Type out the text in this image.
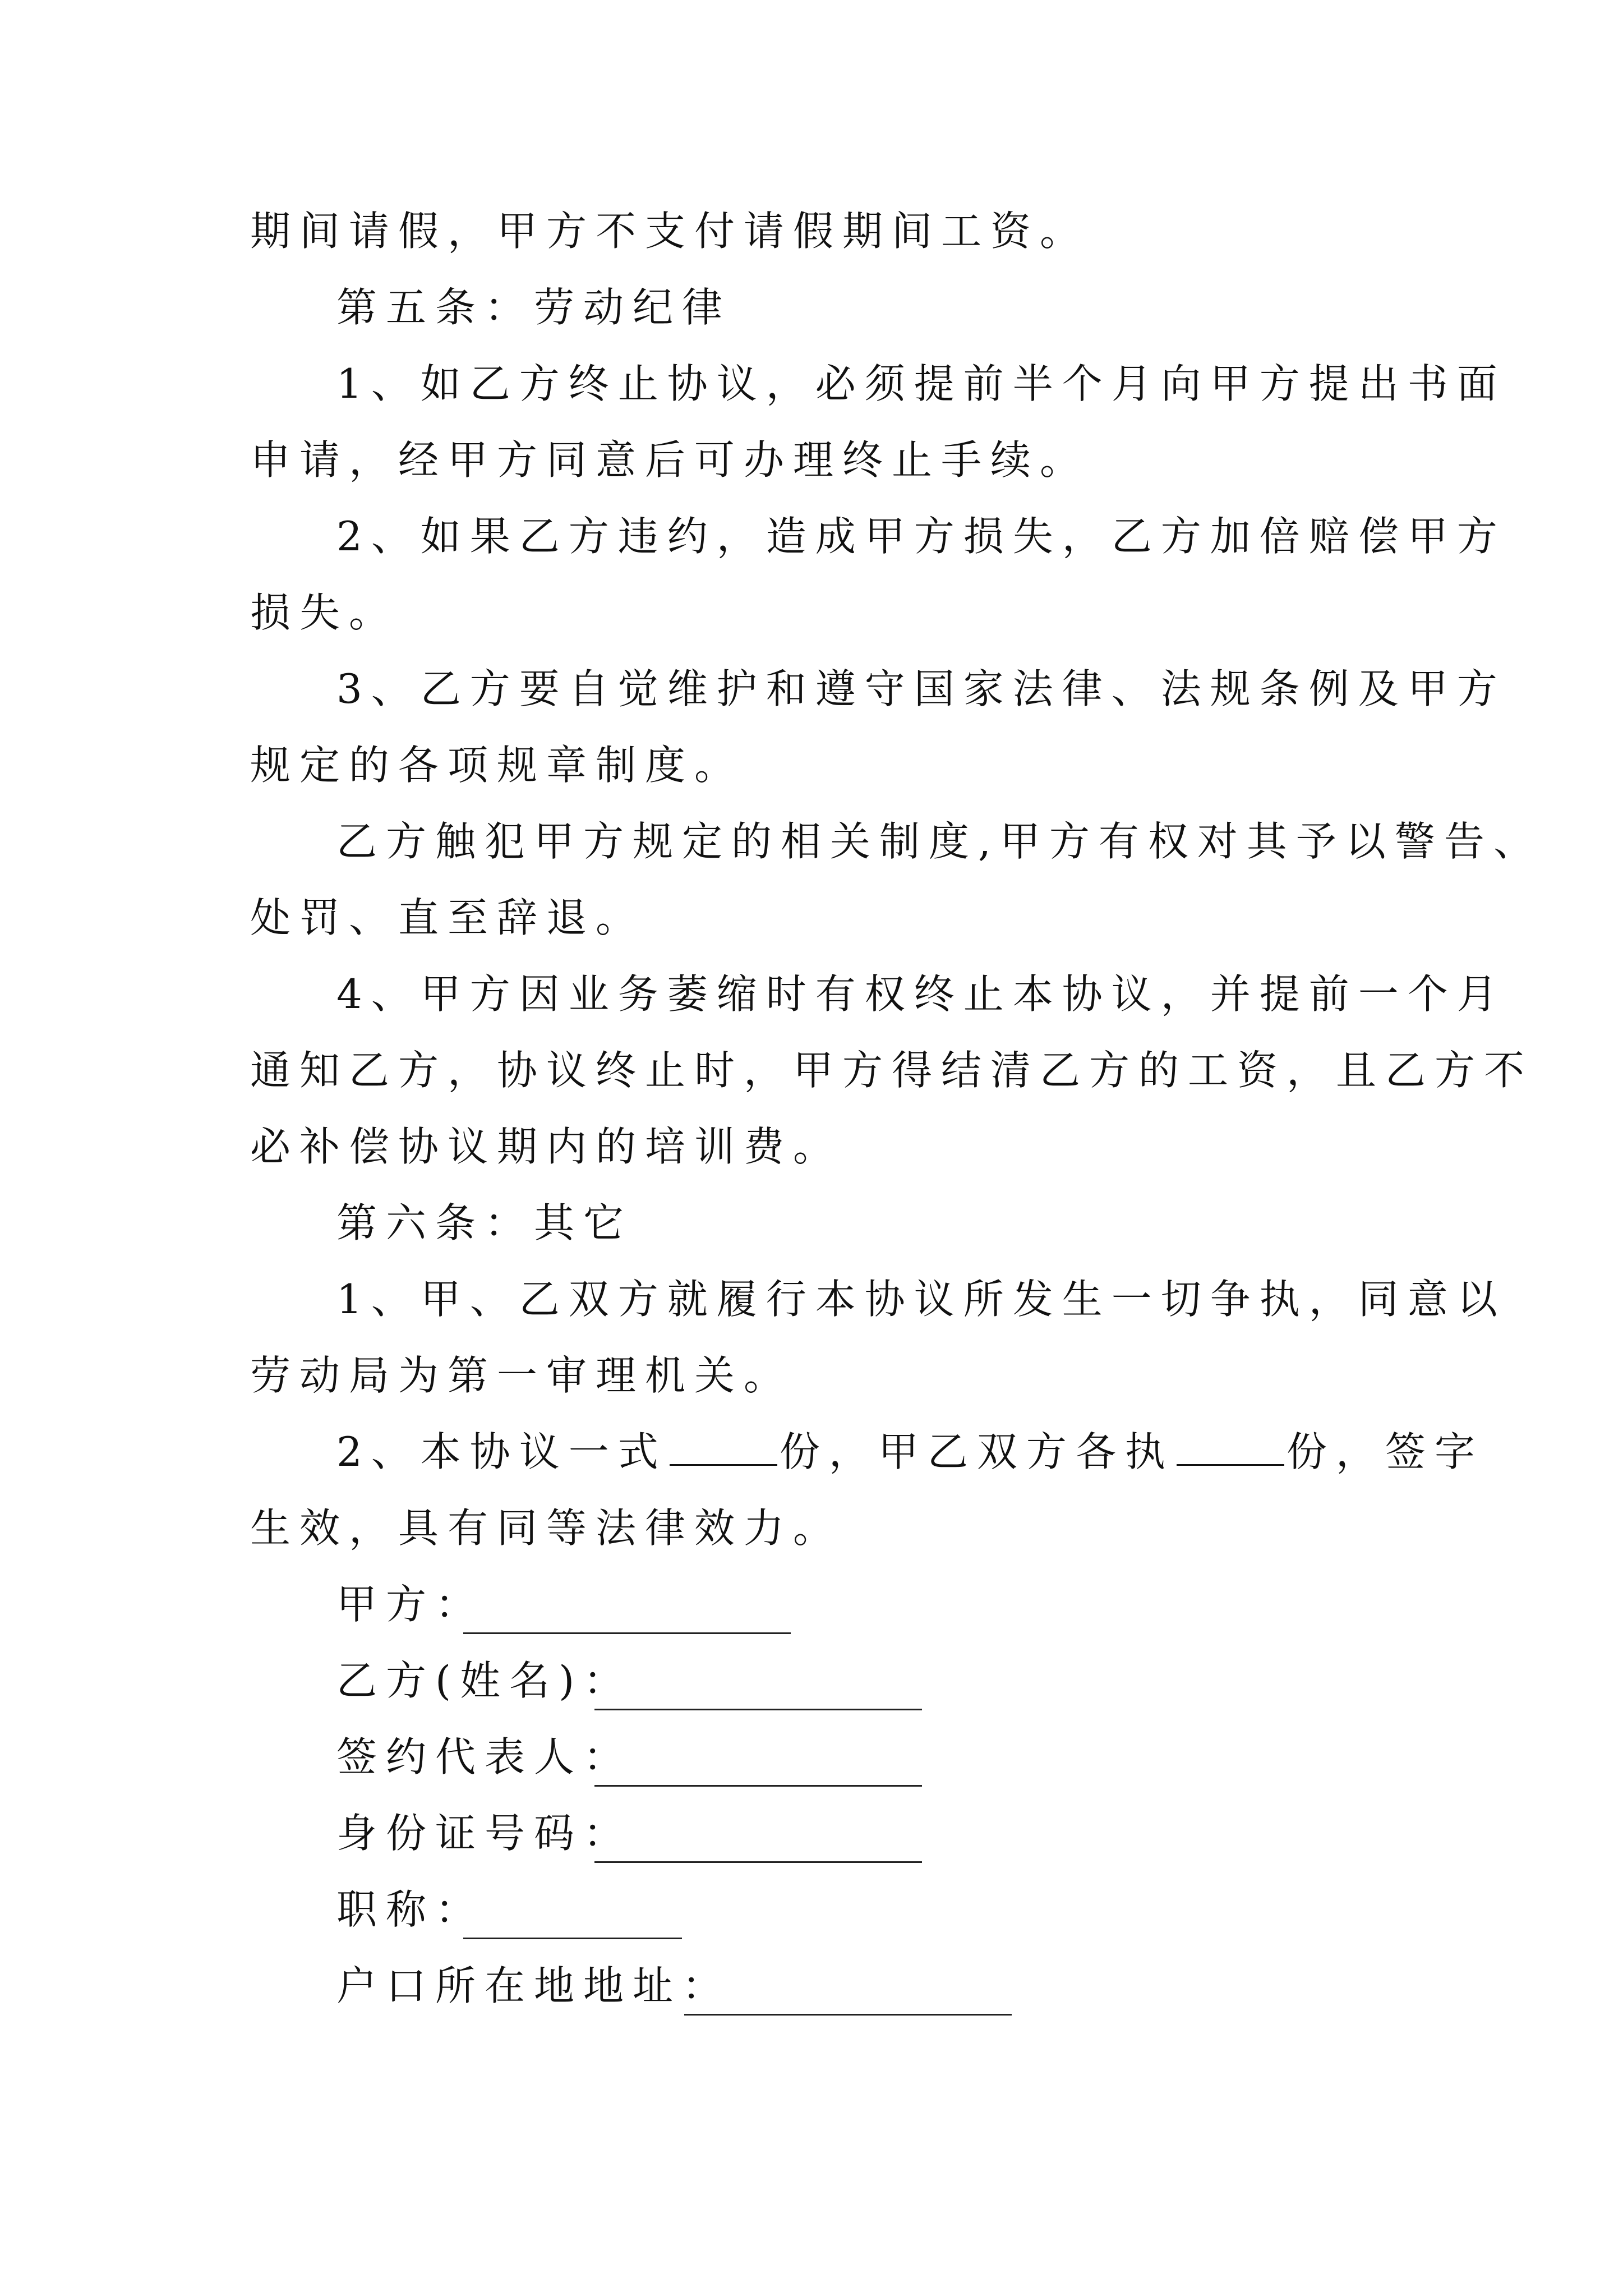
期间请假，甲方不支付请假期间工资。
第五条：劳动纪律
1、如乙方终止协议，必须提前半个月向甲方提出书面
申请，经甲方同意后可办理终止手续。
2、如果乙方违约，造成甲方损失，乙方加倍赔偿甲方
损失。
3、乙方要自觉维护和遵守国家法律、法规条例及甲方
规定的各项规章制度。
乙方触犯甲方规定的相关制度,甲方有权对其予以警告、
处罚、直至辞退。
4、甲方因业务萎缩时有权终止本协议，并提前一个月
通知乙方，协议终止时，甲方得结清乙方的工资，且乙方不
必补偿协议期内的培训费。
第六条：其它
1、甲、乙双方就履行本协议所发生一切争执，同意以
劳动局为第一审理机关。
2、本协议一式	份，甲乙双方各执	份，签字
生效，具有同等法律效力。
甲方：
乙方(姓名)：
签约代表人：
身份证号码：
职称：
户口所在地地址：
